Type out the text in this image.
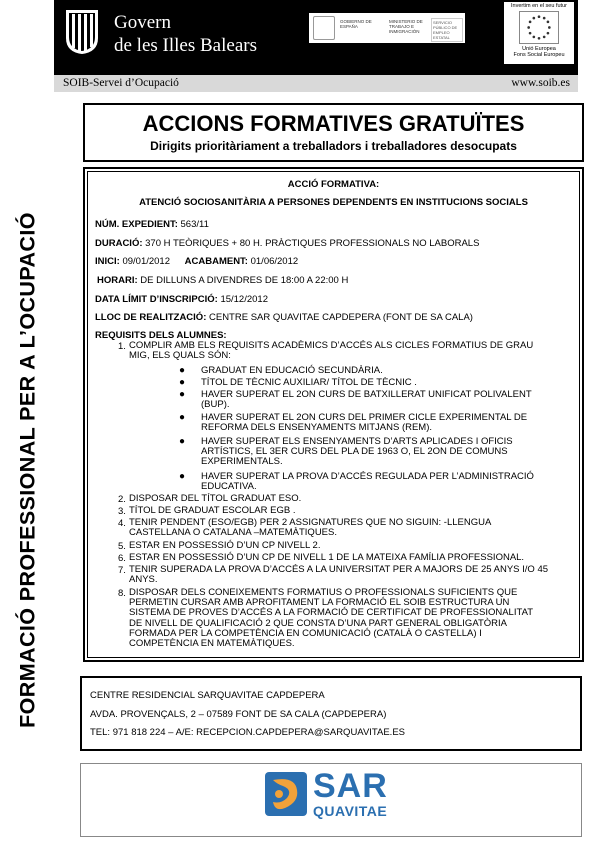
Govern
de les Illes Balears
GOBIERNO DE ESPAÑA
MINISTERIO DE TRABAJO E INMIGRACIÓN
SERVICIO PÚBLICO DE EMPLEO ESTATAL
Invertim en el seu futur
Unió Europea
Fons Social Europeu
SOIB-Servei d’Ocupació	www.soib.es
FORMACIÓ PROFESSIONAL PER A L’OCUPACIÓ
ACCIONS FORMATIVES GRATUÏTES
Dirigits prioritàriament a treballadors i treballadores desocupats
ACCIÓ FORMATIVA:
ATENCIÓ SOCIOSANITÀRIA A PERSONES DEPENDENTS EN INSTITUCIONS SOCIALS
NÚM. EXPEDIENT: 563/11
DURACIÓ: 370 H TEÒRIQUES + 80 H. PRÀCTIQUES PROFESSIONALS NO LABORALS
INICI: 09/01/2012 ACABAMENT: 01/06/2012
HORARI: DE DILLUNS A DIVENDRES DE 18:00 A 22:00 H
DATA LÍMIT D’INSCRIPCIÓ: 15/12/2012
LLOC DE REALITZACIÓ: CENTRE SAR QUAVITAE CAPDEPERA (FONT DE SA CALA)
REQUISITS DELS ALUMNES:
1. COMPLIR AMB ELS REQUISITS ACADÈMICS D’ACCÉS ALS CICLES FORMATIUS DE GRAU
MIG, ELS QUALS SÓN:
● GRADUAT EN EDUCACIÓ SECUNDÀRIA.
● TÍTOL DE TÈCNIC AUXILIAR/ TÍTOL DE TÈCNIC .
● HAVER SUPERAT EL 2ON CURS DE BATXILLERAT UNIFICAT POLIVALENT
(BUP).
● HAVER SUPERAT EL 2ON CURS DEL PRIMER CICLE EXPERIMENTAL DE
REFORMA DELS ENSENYAMENTS MITJANS (REM).
● HAVER SUPERAT ELS ENSENYAMENTS D’ARTS APLICADES I OFICIS
ARTÍSTICS, EL 3ER CURS DEL PLA DE 1963 O, EL 2ON DE COMUNS
EXPERIMENTALS.
● HAVER SUPERAT LA PROVA D’ACCÉS REGULADA PER L’ADMINISTRACIÓ
EDUCATIVA.
2. DISPOSAR DEL TÍTOL GRADUAT ESO.
3. TÍTOL DE GRADUAT ESCOLAR EGB .
4. TENIR PENDENT (ESO/EGB) PER 2 ASSIGNATURES QUE NO SIGUIN: -LLENGUA
CASTELLANA O CATALANA –MATEMÀTIQUES.
5. ESTAR EN POSSESSIÓ D’UN CP NIVELL 2.
6. ESTAR EN POSSESSIÓ D’UN CP DE NIVELL 1 DE LA MATEIXA FAMÍLIA PROFESSIONAL.
7. TENIR SUPERADA LA PROVA D’ACCÉS A LA UNIVERSITAT PER A MAJORS DE 25 ANYS I/O 45
ANYS.
8. DISPOSAR DELS CONEIXEMENTS FORMATIUS O PROFESSIONALS SUFICIENTS QUE
PERMETIN CURSAR AMB APROFITAMENT LA FORMACIÓ EL SOIB ESTRUCTURA UN
SISTEMA DE PROVES D’ACCÉS A LA FORMACIÓ DE CERTIFICAT DE PROFESSIONALITAT
DE NIVELL DE QUALIFICACIÓ 2 QUE CONSTA D’UNA PART GENERAL OBLIGATÒRIA
FORMADA PER LA COMPETÈNCIA EN COMUNICACIÓ (CATALÀ O CASTELLA) I
COMPETÈNCIA EN MATEMÀTIQUES.
CENTRE RESIDENCIAL SARQUAVITAE CAPDEPERA
AVDA. PROVENÇALS, 2 – 07589 FONT DE SA CALA (CAPDEPERA)
TEL: 971 818 224 – A/E: RECEPCION.CAPDEPERA@SARQUAVITAE.ES
SAR
QUAVITAE
